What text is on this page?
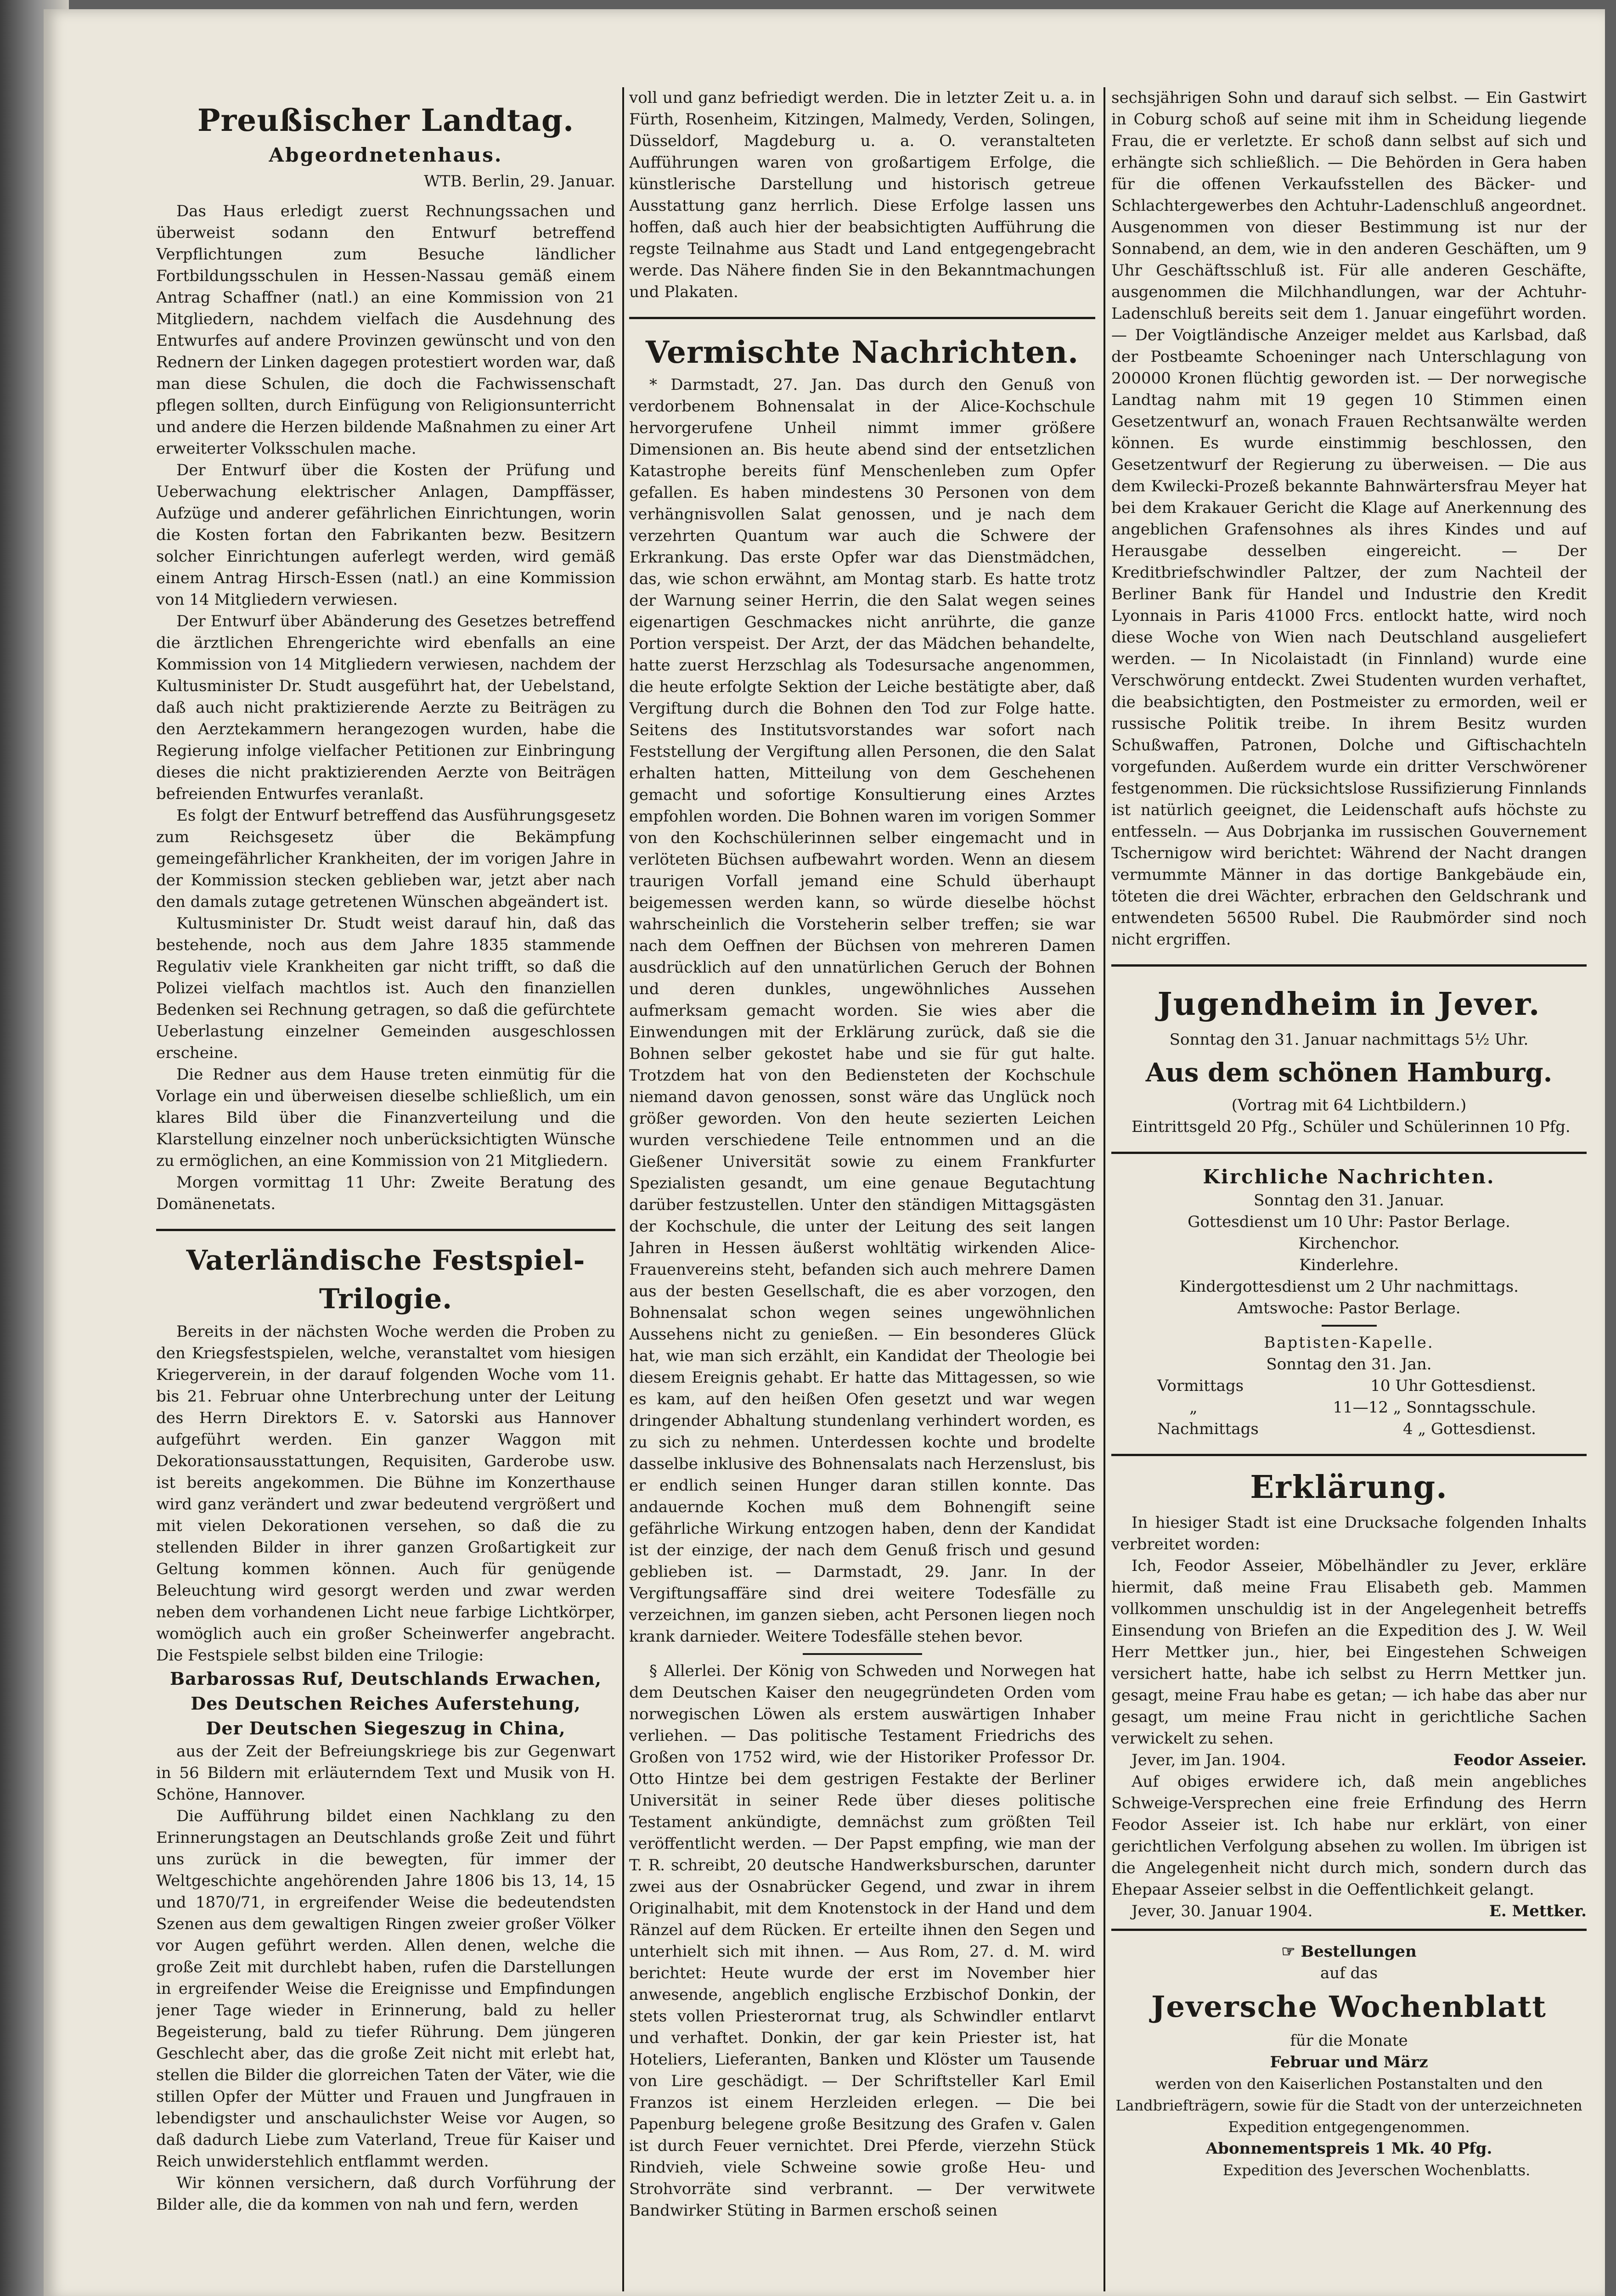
Preußischer Landtag.
Abgeordnetenhaus.
WTB. Berlin, 29. Januar.

Das Haus erledigt zuerst Rechnungssachen und überweist sodann den Entwurf betreffend Verpflichtungen zum Besuche ländlicher Fortbildungsschulen in Hessen-Nassau gemäß einem Antrag Schaffner (natl.) an eine Kommission von 21 Mitgliedern, nachdem vielfach die Ausdehnung des Entwurfes auf andere Provinzen gewünscht und von den Rednern der Linken dagegen protestiert worden war, daß man diese Schulen, die doch die Fachwissenschaft pflegen sollten, durch Einfügung von Religionsunterricht und andere die Herzen bildende Maßnahmen zu einer Art erweiterter Volksschulen mache.

Der Entwurf über die Kosten der Prüfung und Ueberwachung elektrischer Anlagen, Dampffässer, Aufzüge und anderer gefährlichen Einrichtungen, worin die Kosten fortan den Fabrikanten bezw. Besitzern solcher Einrichtungen auferlegt werden, wird gemäß einem Antrag Hirsch-Essen (natl.) an eine Kommission von 14 Mitgliedern verwiesen.

Der Entwurf über Abänderung des Gesetzes betreffend die ärztlichen Ehrengerichte wird ebenfalls an eine Kommission von 14 Mitgliedern verwiesen, nachdem der Kultusminister Dr. Studt ausgeführt hat, der Uebelstand, daß auch nicht praktizierende Aerzte zu Beiträgen zu den Aerztekammern herangezogen wurden, habe die Regierung infolge vielfacher Petitionen zur Einbringung dieses die nicht praktizierenden Aerzte von Beiträgen befreienden Entwurfes veranlaßt.

Es folgt der Entwurf betreffend das Ausführungsgesetz zum Reichsgesetz über die Bekämpfung gemeingefährlicher Krankheiten, der im vorigen Jahre in der Kommission stecken geblieben war, jetzt aber nach den damals zutage getretenen Wünschen abgeändert ist.

Kultusminister Dr. Studt weist darauf hin, daß das bestehende, noch aus dem Jahre 1835 stammende Regulativ viele Krankheiten gar nicht trifft, so daß die Polizei vielfach machtlos ist. Auch den finanziellen Bedenken sei Rechnung getragen, so daß die gefürchtete Ueberlastung einzelner Gemeinden ausgeschlossen erscheine.

Die Redner aus dem Hause treten einmütig für die Vorlage ein und überweisen dieselbe schließlich, um ein klares Bild über die Finanzverteilung und die Klarstellung einzelner noch unberücksichtigten Wünsche zu ermöglichen, an eine Kommission von 21 Mitgliedern.

Morgen vormittag 11 Uhr: Zweite Beratung des Domänenetats.

Vaterländische Festspiel-Trilogie.

Bereits in der nächsten Woche werden die Proben zu den Kriegsfestspielen, welche, veranstaltet vom hiesigen Kriegerverein, in der darauf folgenden Woche vom 11. bis 21. Februar ohne Unterbrechung unter der Leitung des Herrn Direktors E. v. Satorski aus Hannover aufgeführt werden. Ein ganzer Waggon mit Dekorationsausstattungen, Requisiten, Garderobe usw. ist bereits angekommen. Die Bühne im Konzerthause wird ganz verändert und zwar bedeutend vergrößert und mit vielen Dekorationen versehen, so daß die zu stellenden Bilder in ihrer ganzen Großartigkeit zur Geltung kommen können. Auch für genügende Beleuchtung wird gesorgt werden und zwar werden neben dem vorhandenen Licht neue farbige Lichtkörper, womöglich auch ein großer Scheinwerfer angebracht. Die Festspiele selbst bilden eine Trilogie:

Barbarossas Ruf, Deutschlands Erwachen,
Des Deutschen Reiches Auferstehung,
Der Deutschen Siegeszug in China,

aus der Zeit der Befreiungskriege bis zur Gegenwart in 56 Bildern mit erläuterndem Text und Musik von H. Schöne, Hannover.

Die Aufführung bildet einen Nachklang zu den Erinnerungstagen an Deutschlands große Zeit und führt uns zurück in die bewegten, für immer der Weltgeschichte angehörenden Jahre 1806 bis 13, 14, 15 und 1870/71, in ergreifender Weise die bedeutendsten Szenen aus dem gewaltigen Ringen zweier großer Völker vor Augen geführt werden. Allen denen, welche die große Zeit mit durchlebt haben, rufen die Darstellungen in ergreifender Weise die Ereignisse und Empfindungen jener Tage wieder in Erinnerung, bald zu heller Begeisterung, bald zu tiefer Rührung. Dem jüngeren Geschlecht aber, das die große Zeit nicht mit erlebt hat, stellen die Bilder die glorreichen Taten der Väter, wie die stillen Opfer der Mütter und Frauen und Jungfrauen in lebendigster und anschaulichster Weise vor Augen, so daß dadurch Liebe zum Vaterland, Treue für Kaiser und Reich unwiderstehlich entflammt werden.

Wir können versichern, daß durch Vorführung der Bilder alle, die da kommen von nah und fern, werden

voll und ganz befriedigt werden. Die in letzter Zeit u. a. in Fürth, Rosenheim, Kitzingen, Malmedy, Verden, Solingen, Düsseldorf, Magdeburg u. a. O. veranstalteten Aufführungen waren von großartigem Erfolge, die künstlerische Darstellung und historisch getreue Ausstattung ganz herrlich. Diese Erfolge lassen uns hoffen, daß auch hier der beabsichtigten Aufführung die regste Teilnahme aus Stadt und Land entgegengebracht werde. Das Nähere finden Sie in den Bekanntmachungen und Plakaten.

Vermischte Nachrichten.

* Darmstadt, 27. Jan. Das durch den Genuß von verdorbenem Bohnensalat in der Alice-Kochschule hervorgerufene Unheil nimmt immer größere Dimensionen an. Bis heute abend sind der entsetzlichen Katastrophe bereits fünf Menschenleben zum Opfer gefallen. Es haben mindestens 30 Personen von dem verhängnisvollen Salat genossen, und je nach dem verzehrten Quantum war auch die Schwere der Erkrankung. Das erste Opfer war das Dienstmädchen, das, wie schon erwähnt, am Montag starb. Es hatte trotz der Warnung seiner Herrin, die den Salat wegen seines eigenartigen Geschmackes nicht anrührte, die ganze Portion verspeist. Der Arzt, der das Mädchen behandelte, hatte zuerst Herzschlag als Todesursache angenommen, die heute erfolgte Sektion der Leiche bestätigte aber, daß Vergiftung durch die Bohnen den Tod zur Folge hatte. Seitens des Institutsvorstandes war sofort nach Feststellung der Vergiftung allen Personen, die den Salat erhalten hatten, Mitteilung von dem Geschehenen gemacht und sofortige Konsultierung eines Arztes empfohlen worden. Die Bohnen waren im vorigen Sommer von den Kochschülerinnen selber eingemacht und in verlöteten Büchsen aufbewahrt worden. Wenn an diesem traurigen Vorfall jemand eine Schuld überhaupt beigemessen werden kann, so würde dieselbe höchst wahrscheinlich die Vorsteherin selber treffen; sie war nach dem Oeffnen der Büchsen von mehreren Damen ausdrücklich auf den unnatürlichen Geruch der Bohnen und deren dunkles, ungewöhnliches Aussehen aufmerksam gemacht worden. Sie wies aber die Einwendungen mit der Erklärung zurück, daß sie die Bohnen selber gekostet habe und sie für gut halte. Trotzdem hat von den Bediensteten der Kochschule niemand davon genossen, sonst wäre das Unglück noch größer geworden. Von den heute sezierten Leichen wurden verschiedene Teile entnommen und an die Gießener Universität sowie zu einem Frankfurter Spezialisten gesandt, um eine genaue Begutachtung darüber festzustellen. Unter den ständigen Mittagsgästen der Kochschule, die unter der Leitung des seit langen Jahren in Hessen äußerst wohltätig wirkenden Alice-Frauenvereins steht, befanden sich auch mehrere Damen aus der besten Gesellschaft, die es aber vorzogen, den Bohnensalat schon wegen seines ungewöhnlichen Aussehens nicht zu genießen. — Ein besonderes Glück hat, wie man sich erzählt, ein Kandidat der Theologie bei diesem Ereignis gehabt. Er hatte das Mittagessen, so wie es kam, auf den heißen Ofen gesetzt und war wegen dringender Abhaltung stundenlang verhindert worden, es zu sich zu nehmen. Unterdessen kochte und brodelte dasselbe inklusive des Bohnensalats nach Herzenslust, bis er endlich seinen Hunger daran stillen konnte. Das andauernde Kochen muß dem Bohnengift seine gefährliche Wirkung entzogen haben, denn der Kandidat ist der einzige, der nach dem Genuß frisch und gesund geblieben ist. — Darmstadt, 29. Janr. In der Vergiftungsaffäre sind drei weitere Todesfälle zu verzeichnen, im ganzen sieben, acht Personen liegen noch krank darnieder. Weitere Todesfälle stehen bevor.

§ Allerlei. Der König von Schweden und Norwegen hat dem Deutschen Kaiser den neugegründeten Orden vom norwegischen Löwen als erstem auswärtigen Inhaber verliehen. — Das politische Testament Friedrichs des Großen von 1752 wird, wie der Historiker Professor Dr. Otto Hintze bei dem gestrigen Festakte der Berliner Universität in seiner Rede über dieses politische Testament ankündigte, demnächst zum größten Teil veröffentlicht werden. — Der Papst empfing, wie man der T. R. schreibt, 20 deutsche Handwerksburschen, darunter zwei aus der Osnabrücker Gegend, und zwar in ihrem Originalhabit, mit dem Knotenstock in der Hand und dem Ränzel auf dem Rücken. Er erteilte ihnen den Segen und unterhielt sich mit ihnen. — Aus Rom, 27. d. M. wird berichtet: Heute wurde der erst im November hier anwesende, angeblich englische Erzbischof Donkin, der stets vollen Priesterornat trug, als Schwindler entlarvt und verhaftet. Donkin, der gar kein Priester ist, hat Hoteliers, Lieferanten, Banken und Klöster um Tausende von Lire geschädigt. — Der Schriftsteller Karl Emil Franzos ist einem Herzleiden erlegen. — Die bei Papenburg belegene große Besitzung des Grafen v. Galen ist durch Feuer vernichtet. Drei Pferde, vierzehn Stück Rindvieh, viele Schweine sowie große Heu- und Strohvorräte sind verbrannt. — Der verwitwete Bandwirker Stüting in Barmen erschoß seinen

sechsjährigen Sohn und darauf sich selbst. — Ein Gastwirt in Coburg schoß auf seine mit ihm in Scheidung liegende Frau, die er verletzte. Er schoß dann selbst auf sich und erhängte sich schließlich. — Die Behörden in Gera haben für die offenen Verkaufsstellen des Bäcker- und Schlachtergewerbes den Achtuhr-Ladenschluß angeordnet. Ausgenommen von dieser Bestimmung ist nur der Sonnabend, an dem, wie in den anderen Geschäften, um 9 Uhr Geschäftsschluß ist. Für alle anderen Geschäfte, ausgenommen die Milchhandlungen, war der Achtuhr-Ladenschluß bereits seit dem 1. Januar eingeführt worden. — Der Voigtländische Anzeiger meldet aus Karlsbad, daß der Postbeamte Schoeninger nach Unterschlagung von 200000 Kronen flüchtig geworden ist. — Der norwegische Landtag nahm mit 19 gegen 10 Stimmen einen Gesetzentwurf an, wonach Frauen Rechtsanwälte werden können. Es wurde einstimmig beschlossen, den Gesetzentwurf der Regierung zu überweisen. — Die aus dem Kwilecki-Prozeß bekannte Bahnwärtersfrau Meyer hat bei dem Krakauer Gericht die Klage auf Anerkennung des angeblichen Grafensohnes als ihres Kindes und auf Herausgabe desselben eingereicht. — Der Kreditbriefschwindler Paltzer, der zum Nachteil der Berliner Bank für Handel und Industrie den Kredit Lyonnais in Paris 41000 Frcs. entlockt hatte, wird noch diese Woche von Wien nach Deutschland ausgeliefert werden. — In Nicolaistadt (in Finnland) wurde eine Verschwörung entdeckt. Zwei Studenten wurden verhaftet, die beabsichtigten, den Postmeister zu ermorden, weil er russische Politik treibe. In ihrem Besitz wurden Schußwaffen, Patronen, Dolche und Giftischachteln vorgefunden. Außerdem wurde ein dritter Verschwörener festgenommen. Die rücksichtslose Russifizierung Finnlands ist natürlich geeignet, die Leidenschaft aufs höchste zu entfesseln. — Aus Dobrjanka im russischen Gouvernement Tschernigow wird berichtet: Während der Nacht drangen vermummte Männer in das dortige Bankgebäude ein, töteten die drei Wächter, erbrachen den Geldschrank und entwendeten 56500 Rubel. Die Raubmörder sind noch nicht ergriffen.

Jugendheim in Jever.
Sonntag den 31. Januar nachmittags 5½ Uhr.
Aus dem schönen Hamburg.
(Vortrag mit 64 Lichtbildern.)

Eintrittsgeld 20 Pfg., Schüler und Schülerinnen 10 Pfg.

Kirchliche Nachrichten.
Sonntag den 31. Januar.
Gottesdienst um 10 Uhr: Pastor Berlage.
Kirchenchor.
Kinderlehre.
Kindergottesdienst um 2 Uhr nachmittags.
Amtswoche: Pastor Berlage.
Baptisten-Kapelle.
Sonntag den 31. Jan.
Vormittags	10 Uhr Gottesdienst.
„	11—12 „ Sonntagsschule.
Nachmittags	4 „ Gottesdienst.
Erklärung.

In hiesiger Stadt ist eine Drucksache folgenden Inhalts verbreitet worden:

Ich, Feodor Asseier, Möbelhändler zu Jever, erkläre hiermit, daß meine Frau Elisabeth geb. Mammen vollkommen unschuldig ist in der Angelegenheit betreffs Einsendung von Briefen an die Expedition des J. W. Weil Herr Mettker jun., hier, bei Eingestehen Schweigen versichert hatte, habe ich selbst zu Herrn Mettker jun. gesagt, meine Frau habe es getan; — ich habe das aber nur gesagt, um meine Frau nicht in gerichtliche Sachen verwickelt zu sehen.

Jever, im Jan. 1904.	Feodor Asseier.

Auf obiges erwidere ich, daß mein angebliches Schweige-Versprechen eine freie Erfindung des Herrn Feodor Asseier ist. Ich habe nur erklärt, von einer gerichtlichen Verfolgung absehen zu wollen. Im übrigen ist die Angelegenheit nicht durch mich, sondern durch das Ehepaar Asseier selbst in die Oeffentlichkeit gelangt.

Jever, 30. Januar 1904.	E. Mettker.
☞ Bestellungen
auf das
Jeversche Wochenblatt
für die Monate
Februar und März
werden von den Kaiserlichen Postanstalten und den Landbriefträgern, sowie für die Stadt von der unterzeichneten Expedition entgegengenommen.
Abonnementspreis 1 Mk. 40 Pfg.
Expedition des Jeverschen Wochenblatts.
